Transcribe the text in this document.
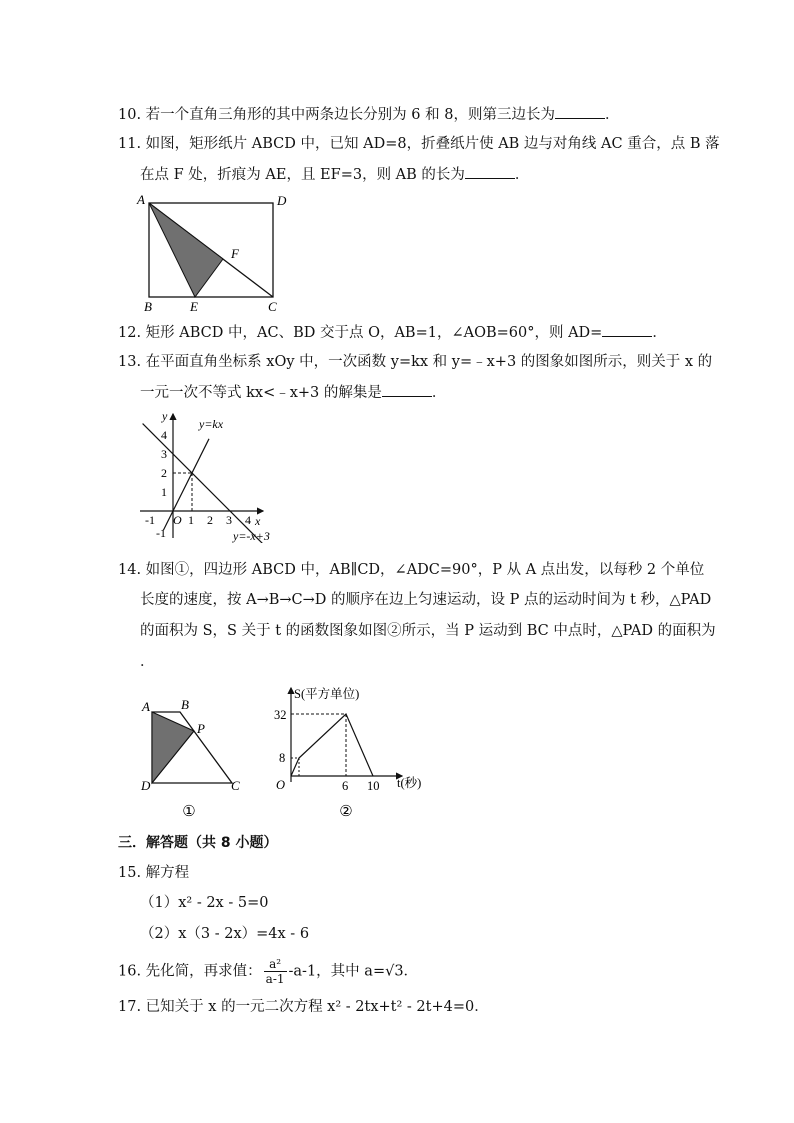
10. 若一个直角三角形的其中两条边长分别为 6 和 8，则第三边长为	．
11. 如图，矩形纸片 ABCD 中，已知 AD=8，折叠纸片使 AB 边与对角线 AC 重合，点 B 落
在点 F 处，折痕为 AE，且 EF=3，则 AB 的长为	．
A	D
B	E	C
F
12. 矩形 ABCD 中，AC、BD 交于点 O，AB=1，∠AOB=60°，则 AD=	．
13. 在平面直角坐标系 xOy 中，一次函数 y=kx 和 y=﹣x+3 的图象如图所示，则关于 x 的
一元一次不等式 kx<﹣x+3 的解集是	．
y
x
O
-1	1 2 3 4
-1
1
2
3
4
y=kx
y=-x+3
14. 如图①，四边形 ABCD 中，AB∥CD，∠ADC=90°，P 从 A 点出发，以每秒 2 个单位
长度的速度，按 A→B→C→D 的顺序在边上匀速运动，设 P 点的运动时间为 t 秒，△PAD
的面积为 S，S 关于 t 的函数图象如图②所示，当 P 运动到 BC 中点时，△PAD 的面积为
．
A B
P
D	C
①
S(平方单位)
32
8
O	6 10 t(秒)
②
三．解答题（共 8 小题）
15. 解方程
（1）x² - 2x - 5=0
（2）x（3 - 2x）=4x - 6
16. 先化简，再求值： $\frac{\text{a²}}{a-1} -a-1$，其中 a=√3．
17. 已知关于 x 的一元二次方程 x² - 2tx+t² - 2t+4=0．
